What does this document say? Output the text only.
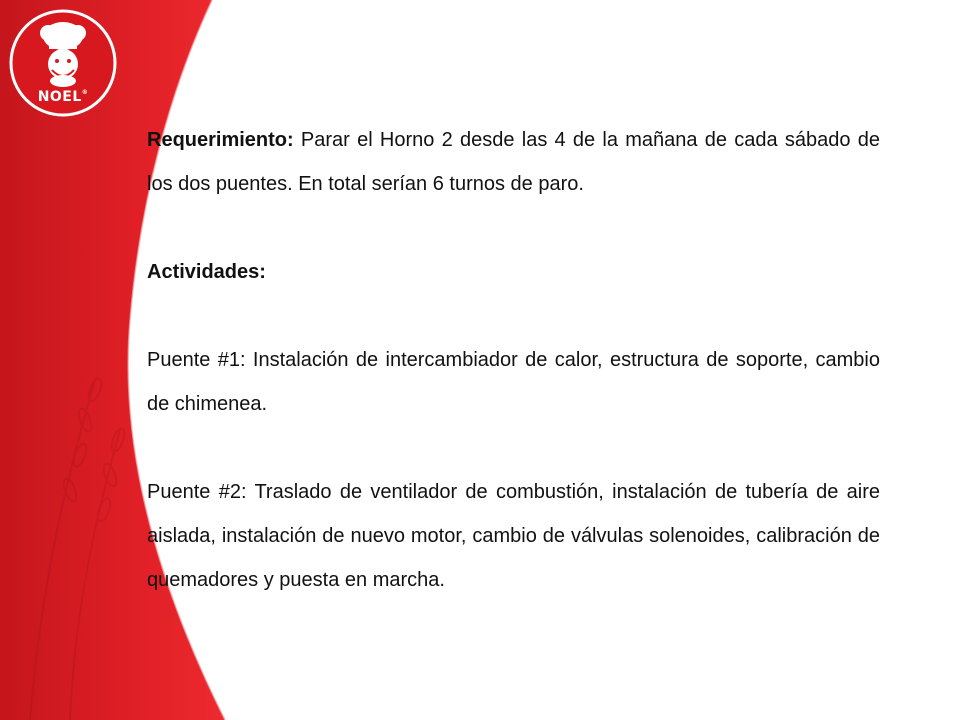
NOEL®

Requerimiento: Parar el Horno 2 desde las 4 de la mañana de cada sábado de los dos puentes. En total serían 6 turnos de paro.

Actividades:

Puente #1: Instalación de intercambiador de calor, estructura de soporte, cambio de chimenea.

Puente #2: Traslado de ventilador de combustión, instalación de tubería de aire aislada, instalación de nuevo motor, cambio de válvulas solenoides, calibración de quemadores y puesta en marcha.
